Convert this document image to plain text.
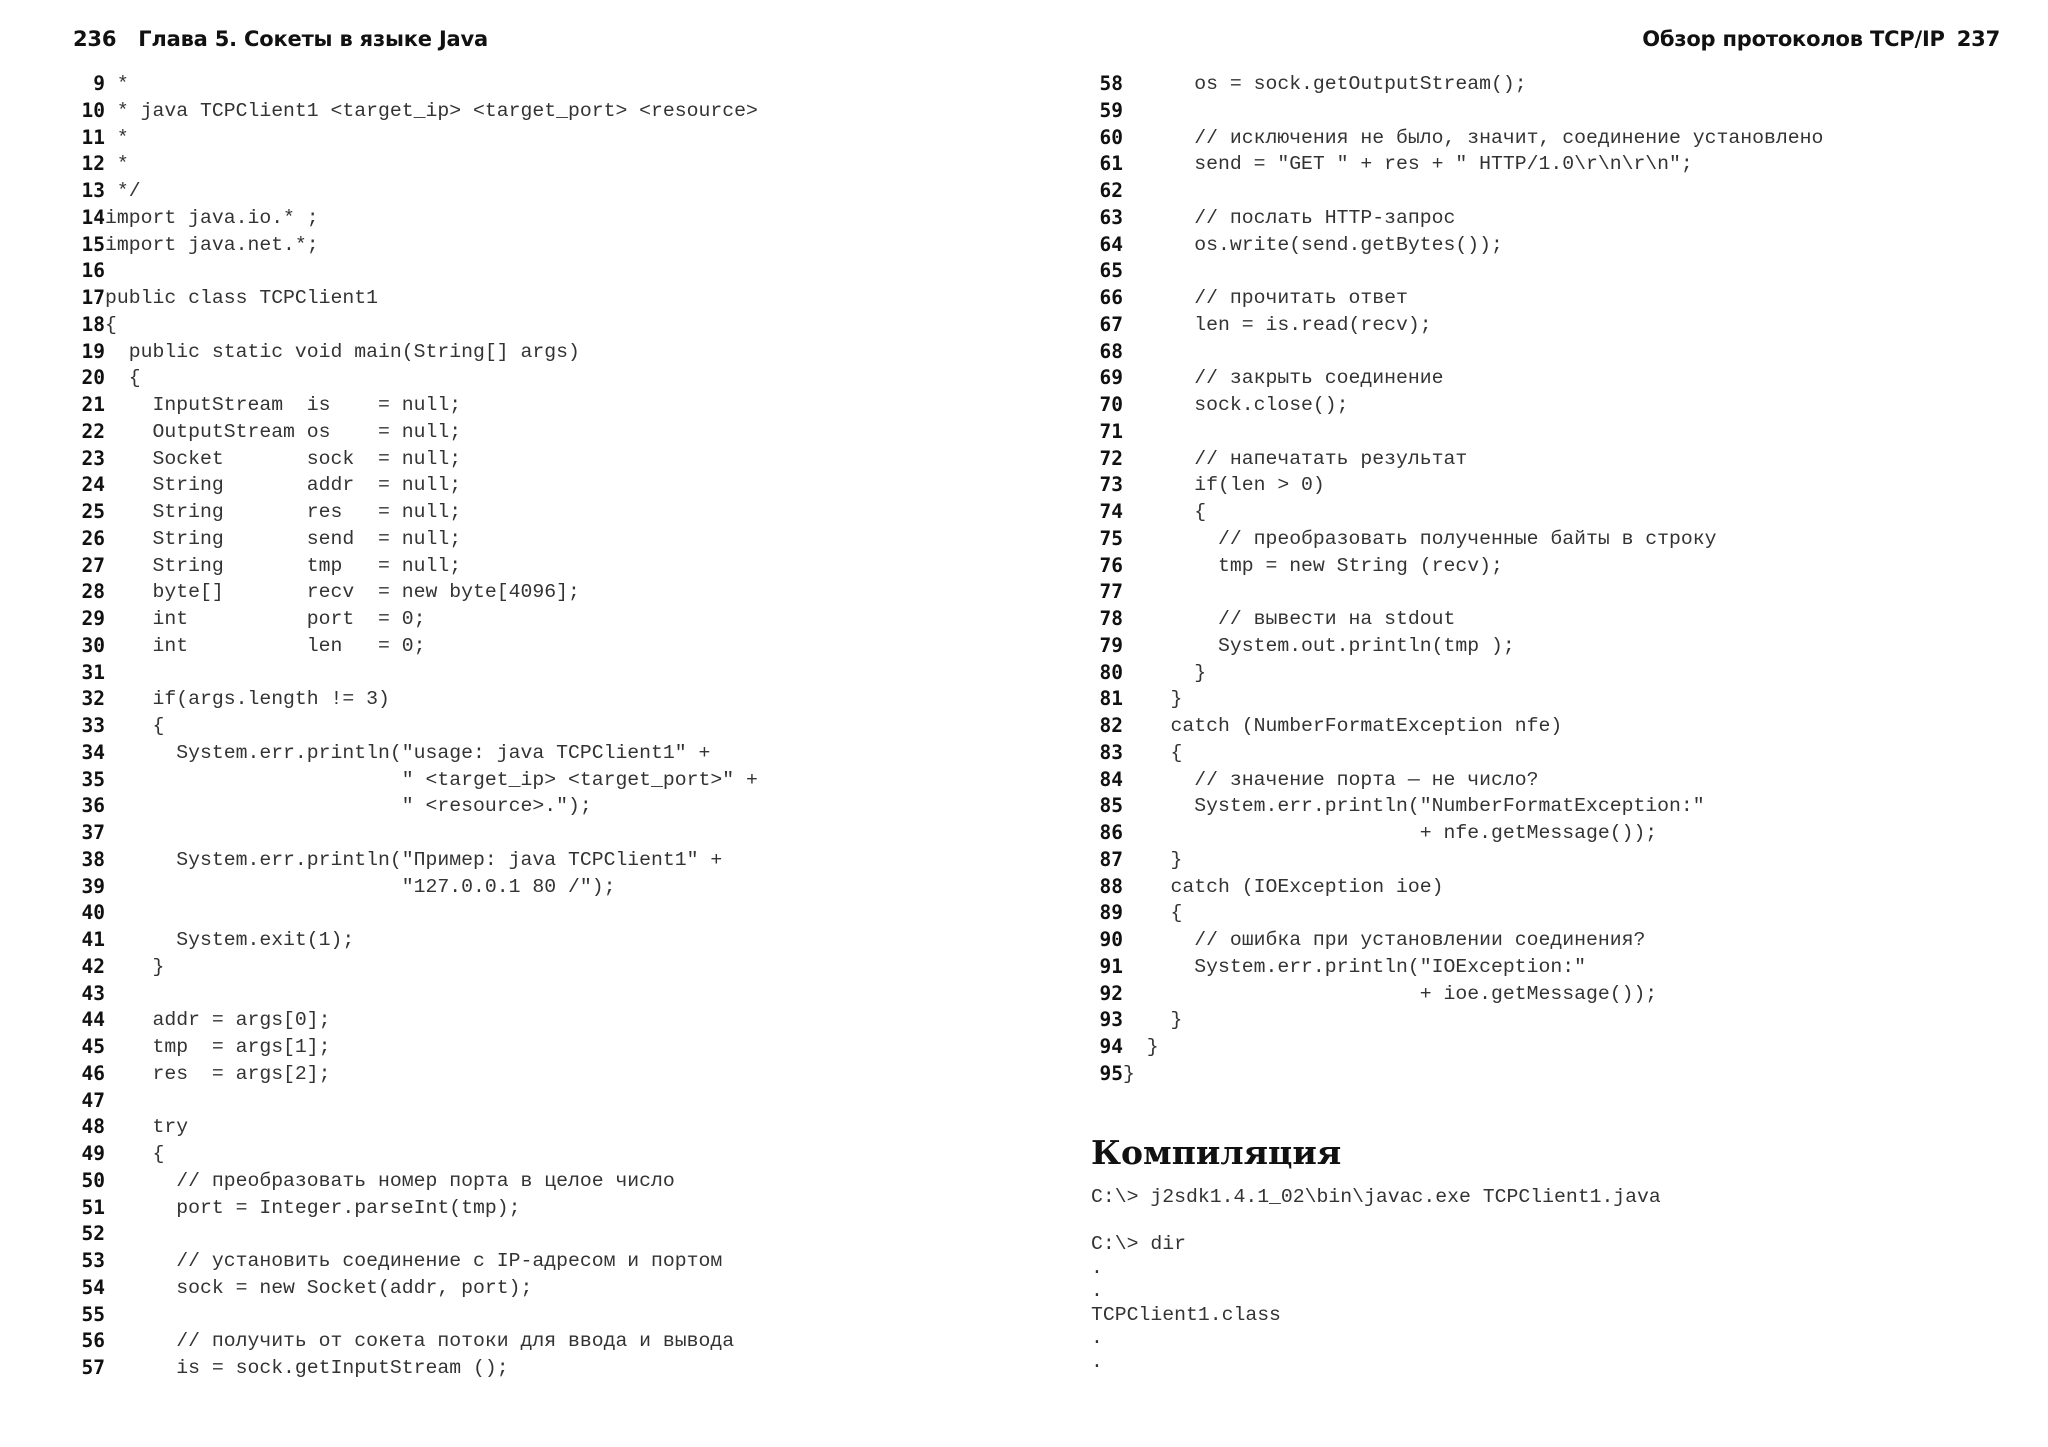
236 Глава 5. Сокеты в языке Java
9 *
10 * java TCPClient1 <target_ip> <target_port> <resource>
11 *
12 *
13 */
14 import java.io.* ;
15 import java.net.*;
16
17 public class TCPClient1
18 {
19 public static void main(String[] args)
20 {
21 InputStream  is    = null;
22 OutputStream os    = null;
23 Socket       sock  = null;
24 String       addr  = null;
25 String       res   = null;
26 String       send  = null;
27 String       tmp   = null;
28 byte[]       recv  = new byte[4096];
29 int          port  = 0;
30 int          len   = 0;
31
32 if(args.length != 3)
33 {
34 System.err.println("usage: java TCPClient1" +
35 " <target_ip> <target_port>" +
36 " <resource>.");
37
38 System.err.println("Пример: java TCPClient1" +
39 "127.0.0.1 80 /");
40
41 System.exit(1);
42 }
43
44 addr = args[0];
45 tmp  = args[1];
46 res  = args[2];
47
48 try
49 {
50 // преобразовать номер порта в целое число
51 port = Integer.parseInt(tmp);
52
53 // установить соединение с IP-адресом и портом
54 sock = new Socket(addr, port);
55
56 // получить от сокета потоки для ввода и вывода
57 is = sock.getInputStream ();
Обзор протоколов TCP/IP 237
58 os = sock.getOutputStream();
59
60 // исключения не было, значит, соединение установлено
61 send = "GET " + res + " HTTP/1.0\r\n\r\n";
62
63 // послать HTTP-запрос
64 os.write(send.getBytes());
65
66 // прочитать ответ
67 len = is.read(recv);
68
69 // закрыть соединение
70 sock.close();
71
72 // напечатать результат
73 if(len > 0)
74 {
75 // преобразовать полученные байты в строку
76 tmp = new String (recv);
77
78 // вывести на stdout
79 System.out.println(tmp );
80 }
81 }
82 catch (NumberFormatException nfe)
83 {
84 // значение порта — не число?
85 System.err.println("NumberFormatException:"
86 + nfe.getMessage());
87 }
88 catch (IOException ioe)
89 {
90 // ошибка при установлении соединения?
91 System.err.println("IOException:"
92 + ioe.getMessage());
93 }
94 }
95 }
Компиляция
C:\> j2sdk1.4.1_02\bin\javac.exe TCPClient1.java
C:\> dir
.
.
TCPClient1.class
.
.
